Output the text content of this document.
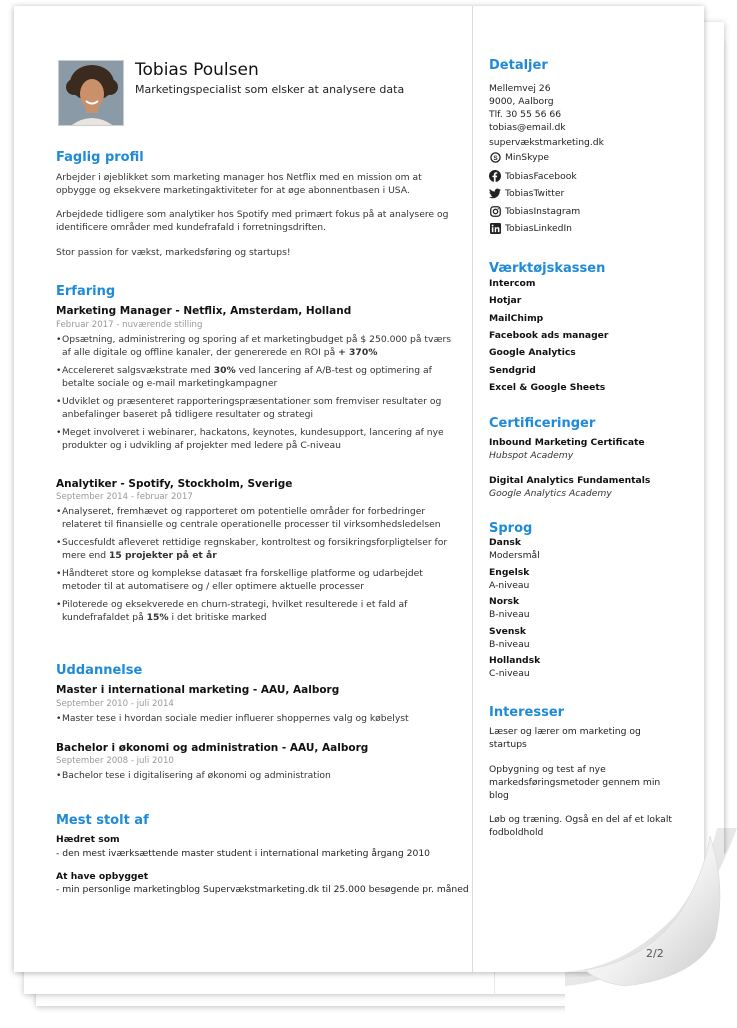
Tobias Poulsen
Marketingspecialist som elsker at analysere data
Faglig profil
Arbejder i øjeblikket som marketing manager hos Netflix med en mission om at opbygge og eksekvere marketingaktiviteter for at øge abonnentbasen i USA.
Arbejdede tidligere som analytiker hos Spotify med primært fokus på at analysere og identificere områder med kundefrafald i forretningsdriften.
Stor passion for vækst, markedsføring og startups!
Erfaring
Marketing Manager - Netflix, Amsterdam, Holland
Februar 2017 - nuværende stilling
• Opsætning, administrering og sporing af et marketingbudget på $ 250.000 på tværs af alle digitale og offline kanaler, der genererede en ROI på + 370%
• Accelereret salgsvækstrate med 30% ved lancering af A/B-test og optimering af betalte sociale og e-mail marketingkampagner
• Udviklet og præsenteret rapporteringspræsentationer som fremviser resultater og anbefalinger baseret på tidligere resultater og strategi
• Meget involveret i webinarer, hackatons, keynotes, kundesupport, lancering af nye produkter og i udvikling af projekter med ledere på C-niveau
Analytiker - Spotify, Stockholm, Sverige
September 2014 - februar 2017
• Analyseret, fremhævet og rapporteret om potentielle områder for forbedringer relateret til finansielle og centrale operationelle processer til virksomhedsledelsen
• Succesfuldt afleveret rettidige regnskaber, kontroltest og forsikringsforpligtelser for mere end 15 projekter på et år
• Håndteret store og komplekse datasæt fra forskellige platforme og udarbejdet metoder til at automatisere og / eller optimere aktuelle processer
• Piloterede og eksekverede en churn-strategi, hvilket resulterede i et fald af kundefrafaldet på 15% i det britiske marked
Uddannelse
Master i international marketing - AAU, Aalborg
September 2010 - juli 2014
• Master tese i hvordan sociale medier influerer shoppernes valg og købelyst
Bachelor i økonomi og administration - AAU, Aalborg
September 2008 - juli 2010
• Bachelor tese i digitalisering af økonomi og administration
Mest stolt af
Hædret som
- den mest iværksættende master student i international marketing årgang 2010
At have opbygget
- min personlige marketingblog Supervækstmarketing.dk til 25.000 besøgende pr. måned
Detaljer
Mellemvej 26
9000, Aalborg
Tlf. 30 55 56 66
tobias@email.dk
supervækstmarketing.dk
S MinSkype
TobiasFacebook
TobiasTwitter
TobiasInstagram
TobiasLinkedIn
Værktøjskassen
Intercom
Hotjar
MailChimp
Facebook ads manager
Google Analytics
Sendgrid
Excel & Google Sheets
Certificeringer
Inbound Marketing Certificate
Hubspot Academy
Digital Analytics Fundamentals
Google Analytics Academy
Sprog
Dansk
Modersmål
Engelsk
A-niveau
Norsk
B-niveau
Svensk
B-niveau
Hollandsk
C-niveau
Interesser
Læser og lærer om marketing og startups
Opbygning og test af nye markedsføringsmetoder gennem min blog
Løb og træning. Også en del af et lokalt fodboldhold
2/2
